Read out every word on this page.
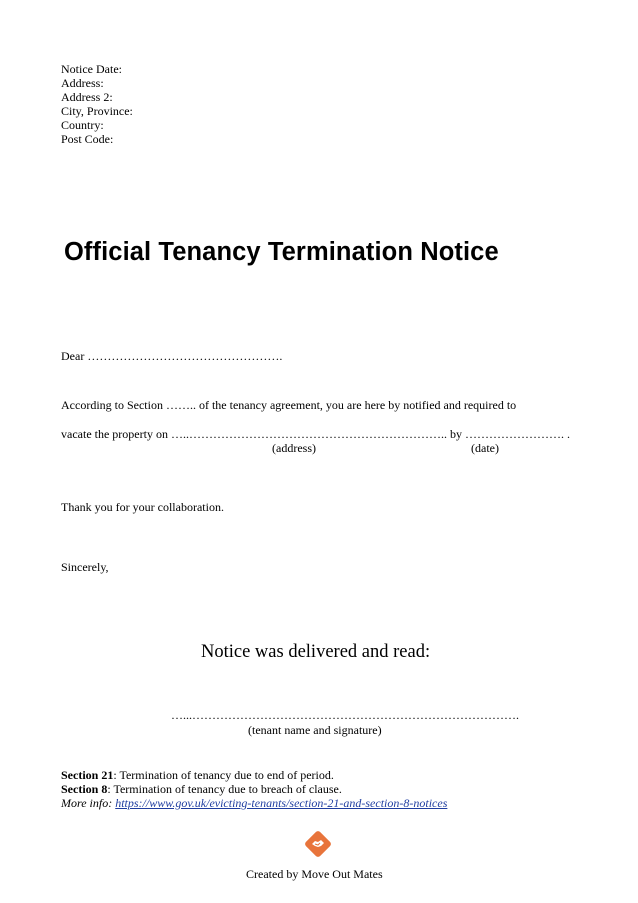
Notice Date:
Address:
Address 2:
City, Province:
Country:
Post Code:
Official Tenancy Termination Notice
Dear ………………………………………….
According to Section …….. of the tenancy agreement, you are here by notified and required to
vacate the property on …..……………………………………………………….. by ……………………. .
(address)	(date)
Thank you for your collaboration.
Sincerely,
Notice was delivered and read:
…...……………………………………………………………………….
(tenant name and signature)
Section 21: Termination of tenancy due to end of period.
Section 8: Termination of tenancy due to breach of clause.
More info: https://www.gov.uk/evicting-tenants/section-21-and-section-8-notices
Created by Move Out Mates
